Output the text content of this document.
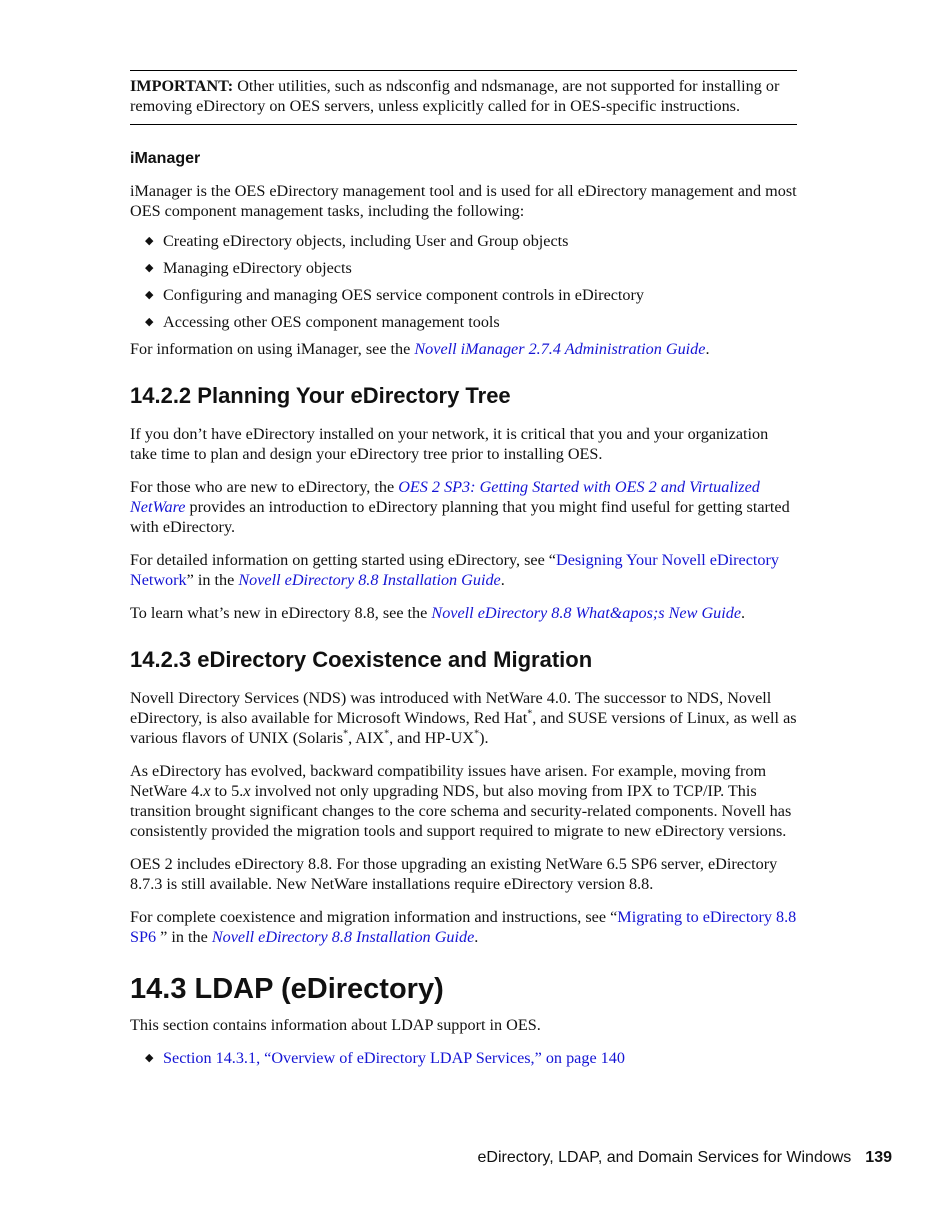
IMPORTANT: Other utilities, such as ndsconfig and ndsmanage, are not supported for installing or removing eDirectory on OES servers, unless explicitly called for in OES-specific instructions.
iManager

iManager is the OES eDirectory management tool and is used for all eDirectory management and most OES component management tasks, including the following:

◆ Creating eDirectory objects, including User and Group objects
◆ Managing eDirectory objects
◆ Configuring and managing OES service component controls in eDirectory
◆ Accessing other OES component management tools

For information on using iManager, see the Novell iManager 2.7.4 Administration Guide.

14.2.2 Planning Your eDirectory Tree

If you don’t have eDirectory installed on your network, it is critical that you and your organization take time to plan and design your eDirectory tree prior to installing OES.

For those who are new to eDirectory, the OES 2 SP3: Getting Started with OES 2 and Virtualized NetWare provides an introduction to eDirectory planning that you might find useful for getting started with eDirectory.

For detailed information on getting started using eDirectory, see “Designing Your Novell eDirectory Network” in the Novell eDirectory 8.8 Installation Guide.

To learn what’s new in eDirectory 8.8, see the Novell eDirectory 8.8 What&apos;s New Guide.

14.2.3 eDirectory Coexistence and Migration

Novell Directory Services (NDS) was introduced with NetWare 4.0. The successor to NDS, Novell eDirectory, is also available for Microsoft Windows, Red Hat*, and SUSE versions of Linux, as well as various flavors of UNIX (Solaris*, AIX*, and HP-UX*).

As eDirectory has evolved, backward compatibility issues have arisen. For example, moving from NetWare 4.x to 5.x involved not only upgrading NDS, but also moving from IPX to TCP/IP. This transition brought significant changes to the core schema and security-related components. Novell has consistently provided the migration tools and support required to migrate to new eDirectory versions.

OES 2 includes eDirectory 8.8. For those upgrading an existing NetWare 6.5 SP6 server, eDirectory 8.7.3 is still available. New NetWare installations require eDirectory version 8.8.

For complete coexistence and migration information and instructions, see “Migrating to eDirectory 8.8 SP6 ” in the Novell eDirectory 8.8 Installation Guide.

14.3 LDAP (eDirectory)

This section contains information about LDAP support in OES.

◆ Section 14.3.1, “Overview of eDirectory LDAP Services,” on page 140
eDirectory, LDAP, and Domain Services for Windows 139
